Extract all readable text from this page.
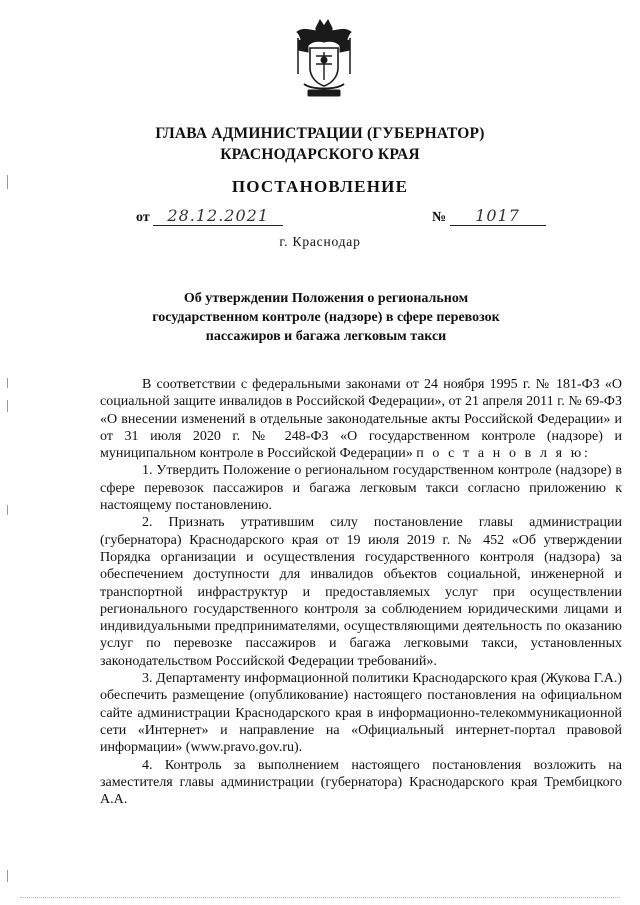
ГЛАВА АДМИНИСТРАЦИИ (ГУБЕРНАТОР)
КРАСНОДАРСКОГО КРАЯ
ПОСТАНОВЛЕНИЕ
от 28.12.2021	№ 1017
г. Краснодар
Об утверждении Положения о региональном государственном контроле (надзоре) в сфере перевозок пассажиров и багажа легковым такси

В соответствии с федеральными законами от 24 ноября 1995 г. № 181-ФЗ «О социальной защите инвалидов в Российской Федерации», от 21 апреля 2011 г. № 69-ФЗ «О внесении изменений в отдельные законодательные акты Российской Федерации» и от 31 июля 2020 г. № 248-ФЗ «О государственном контроле (надзоре) и муниципальном контроле в Российской Федерации» п о с т а н о в л я ю:

1. Утвердить Положение о региональном государственном контроле (надзоре) в сфере перевозок пассажиров и багажа легковым такси согласно приложению к настоящему постановлению.

2. Признать утратившим силу постановление главы администрации (губернатора) Краснодарского края от 19 июля 2019 г. № 452 «Об утверждении Порядка организации и осуществления государственного контроля (надзора) за обеспечением доступности для инвалидов объектов социальной, инженерной и транспортной инфраструктур и предоставляемых услуг при осуществлении регионального государственного контроля за соблюдением юридическими лицами и индивидуальными предпринимателями, осуществляющими деятельность по оказанию услуг по перевозке пассажиров и багажа легковыми такси, установленных законодательством Российской Федерации требований».

3. Департаменту информационной политики Краснодарского края (Жукова Г.А.) обеспечить размещение (опубликование) настоящего постановления на официальном сайте администрации Краснодарского края в информационно-телекоммуникационной сети «Интернет» и направление на «Официальный интернет-портал правовой информации» (www.pravo.gov.ru).

4. Контроль за выполнением настоящего постановления возложить на заместителя главы администрации (губернатора) Краснодарского края Трембицкого А.А.
